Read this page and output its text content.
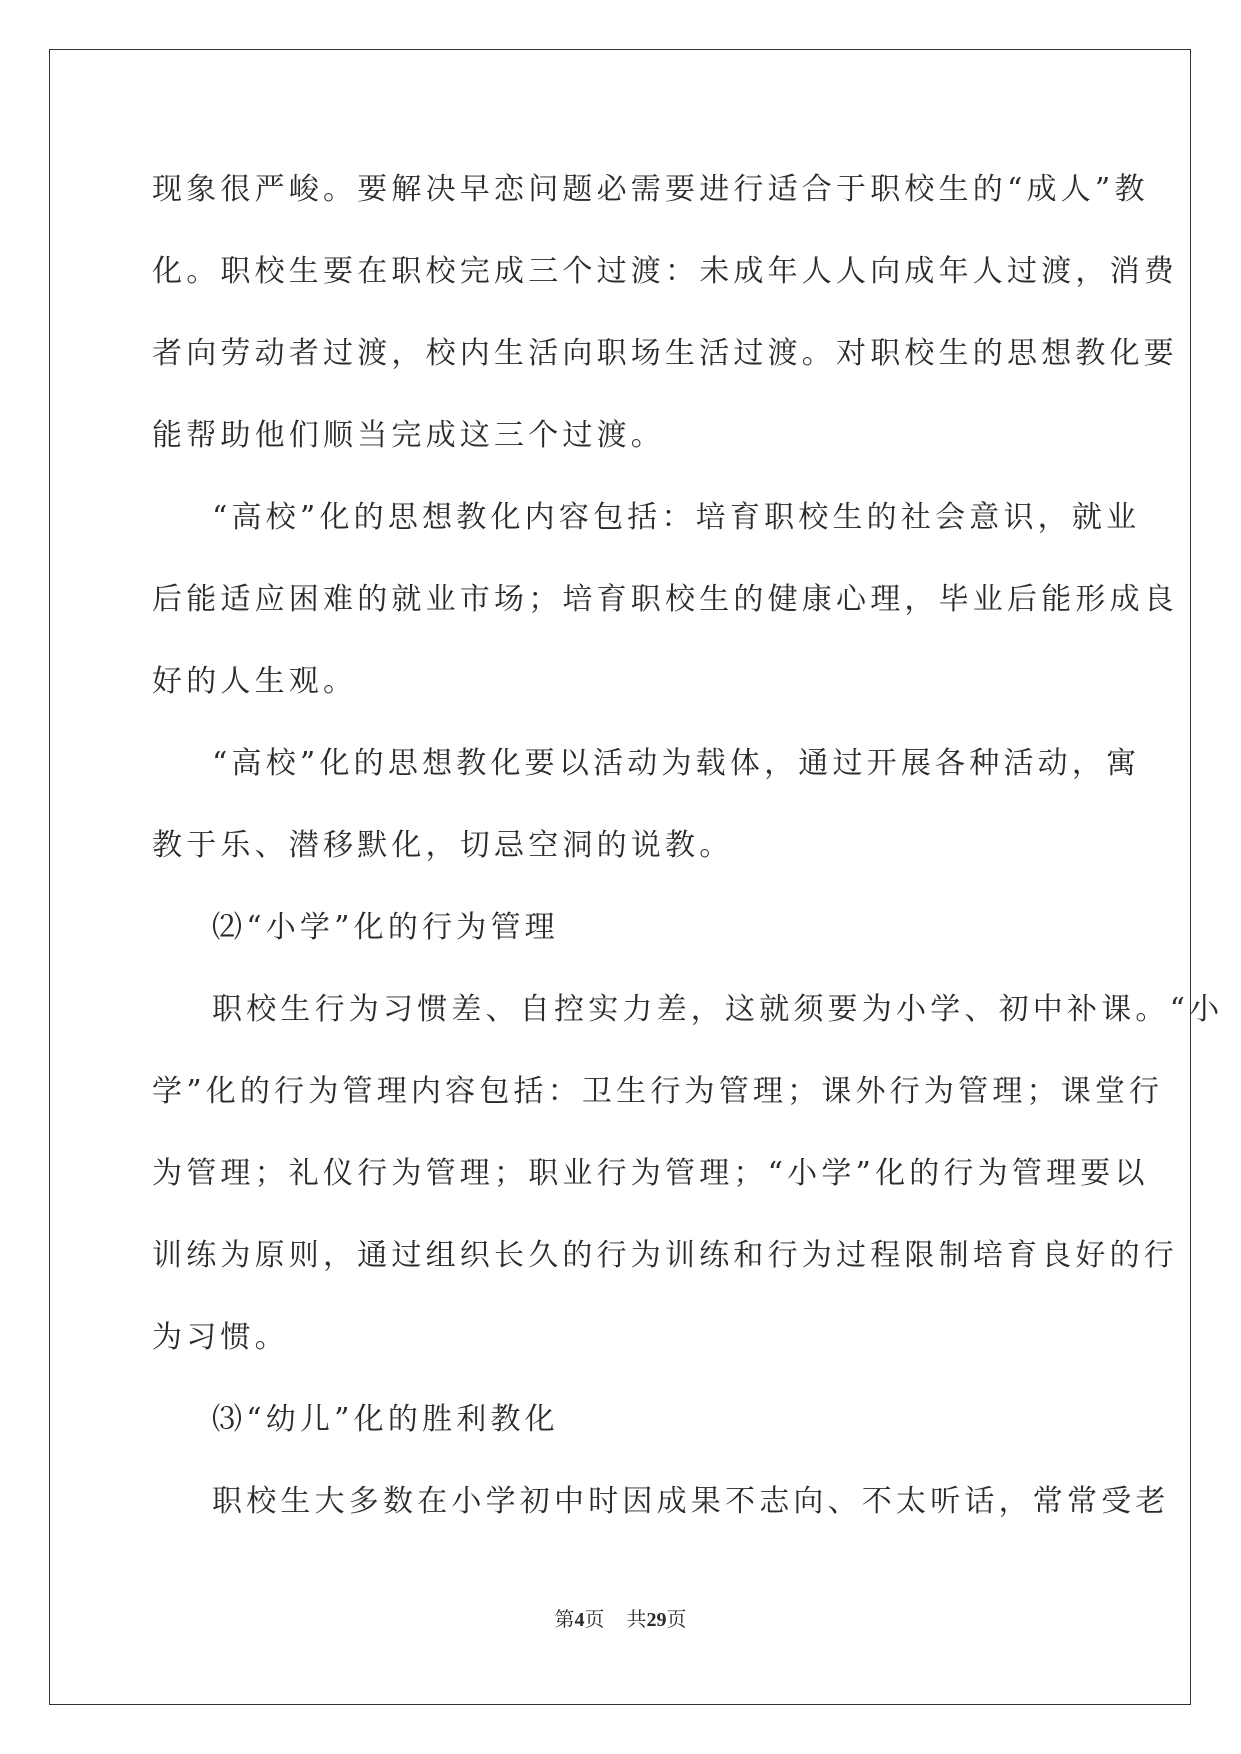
现象很严峻。要解决早恋问题必需要进行适合于职校生的“成人”教
化。职校生要在职校完成三个过渡：未成年人人向成年人过渡，消费
者向劳动者过渡，校内生活向职场生活过渡。对职校生的思想教化要
能帮助他们顺当完成这三个过渡。
“高校”化的思想教化内容包括：培育职校生的社会意识，就业
后能适应困难的就业市场；培育职校生的健康心理，毕业后能形成良
好的人生观。
“高校”化的思想教化要以活动为载体，通过开展各种活动，寓
教于乐、潜移默化，切忌空洞的说教。
⑵“小学”化的行为管理
职校生行为习惯差、自控实力差，这就须要为小学、初中补课。“小
学”化的行为管理内容包括：卫生行为管理；课外行为管理；课堂行
为管理；礼仪行为管理；职业行为管理；“小学”化的行为管理要以
训练为原则，通过组织长久的行为训练和行为过程限制培育良好的行
为习惯。
⑶“幼儿”化的胜利教化
职校生大多数在小学初中时因成果不志向、不太听话，常常受老
第4页 共29页
